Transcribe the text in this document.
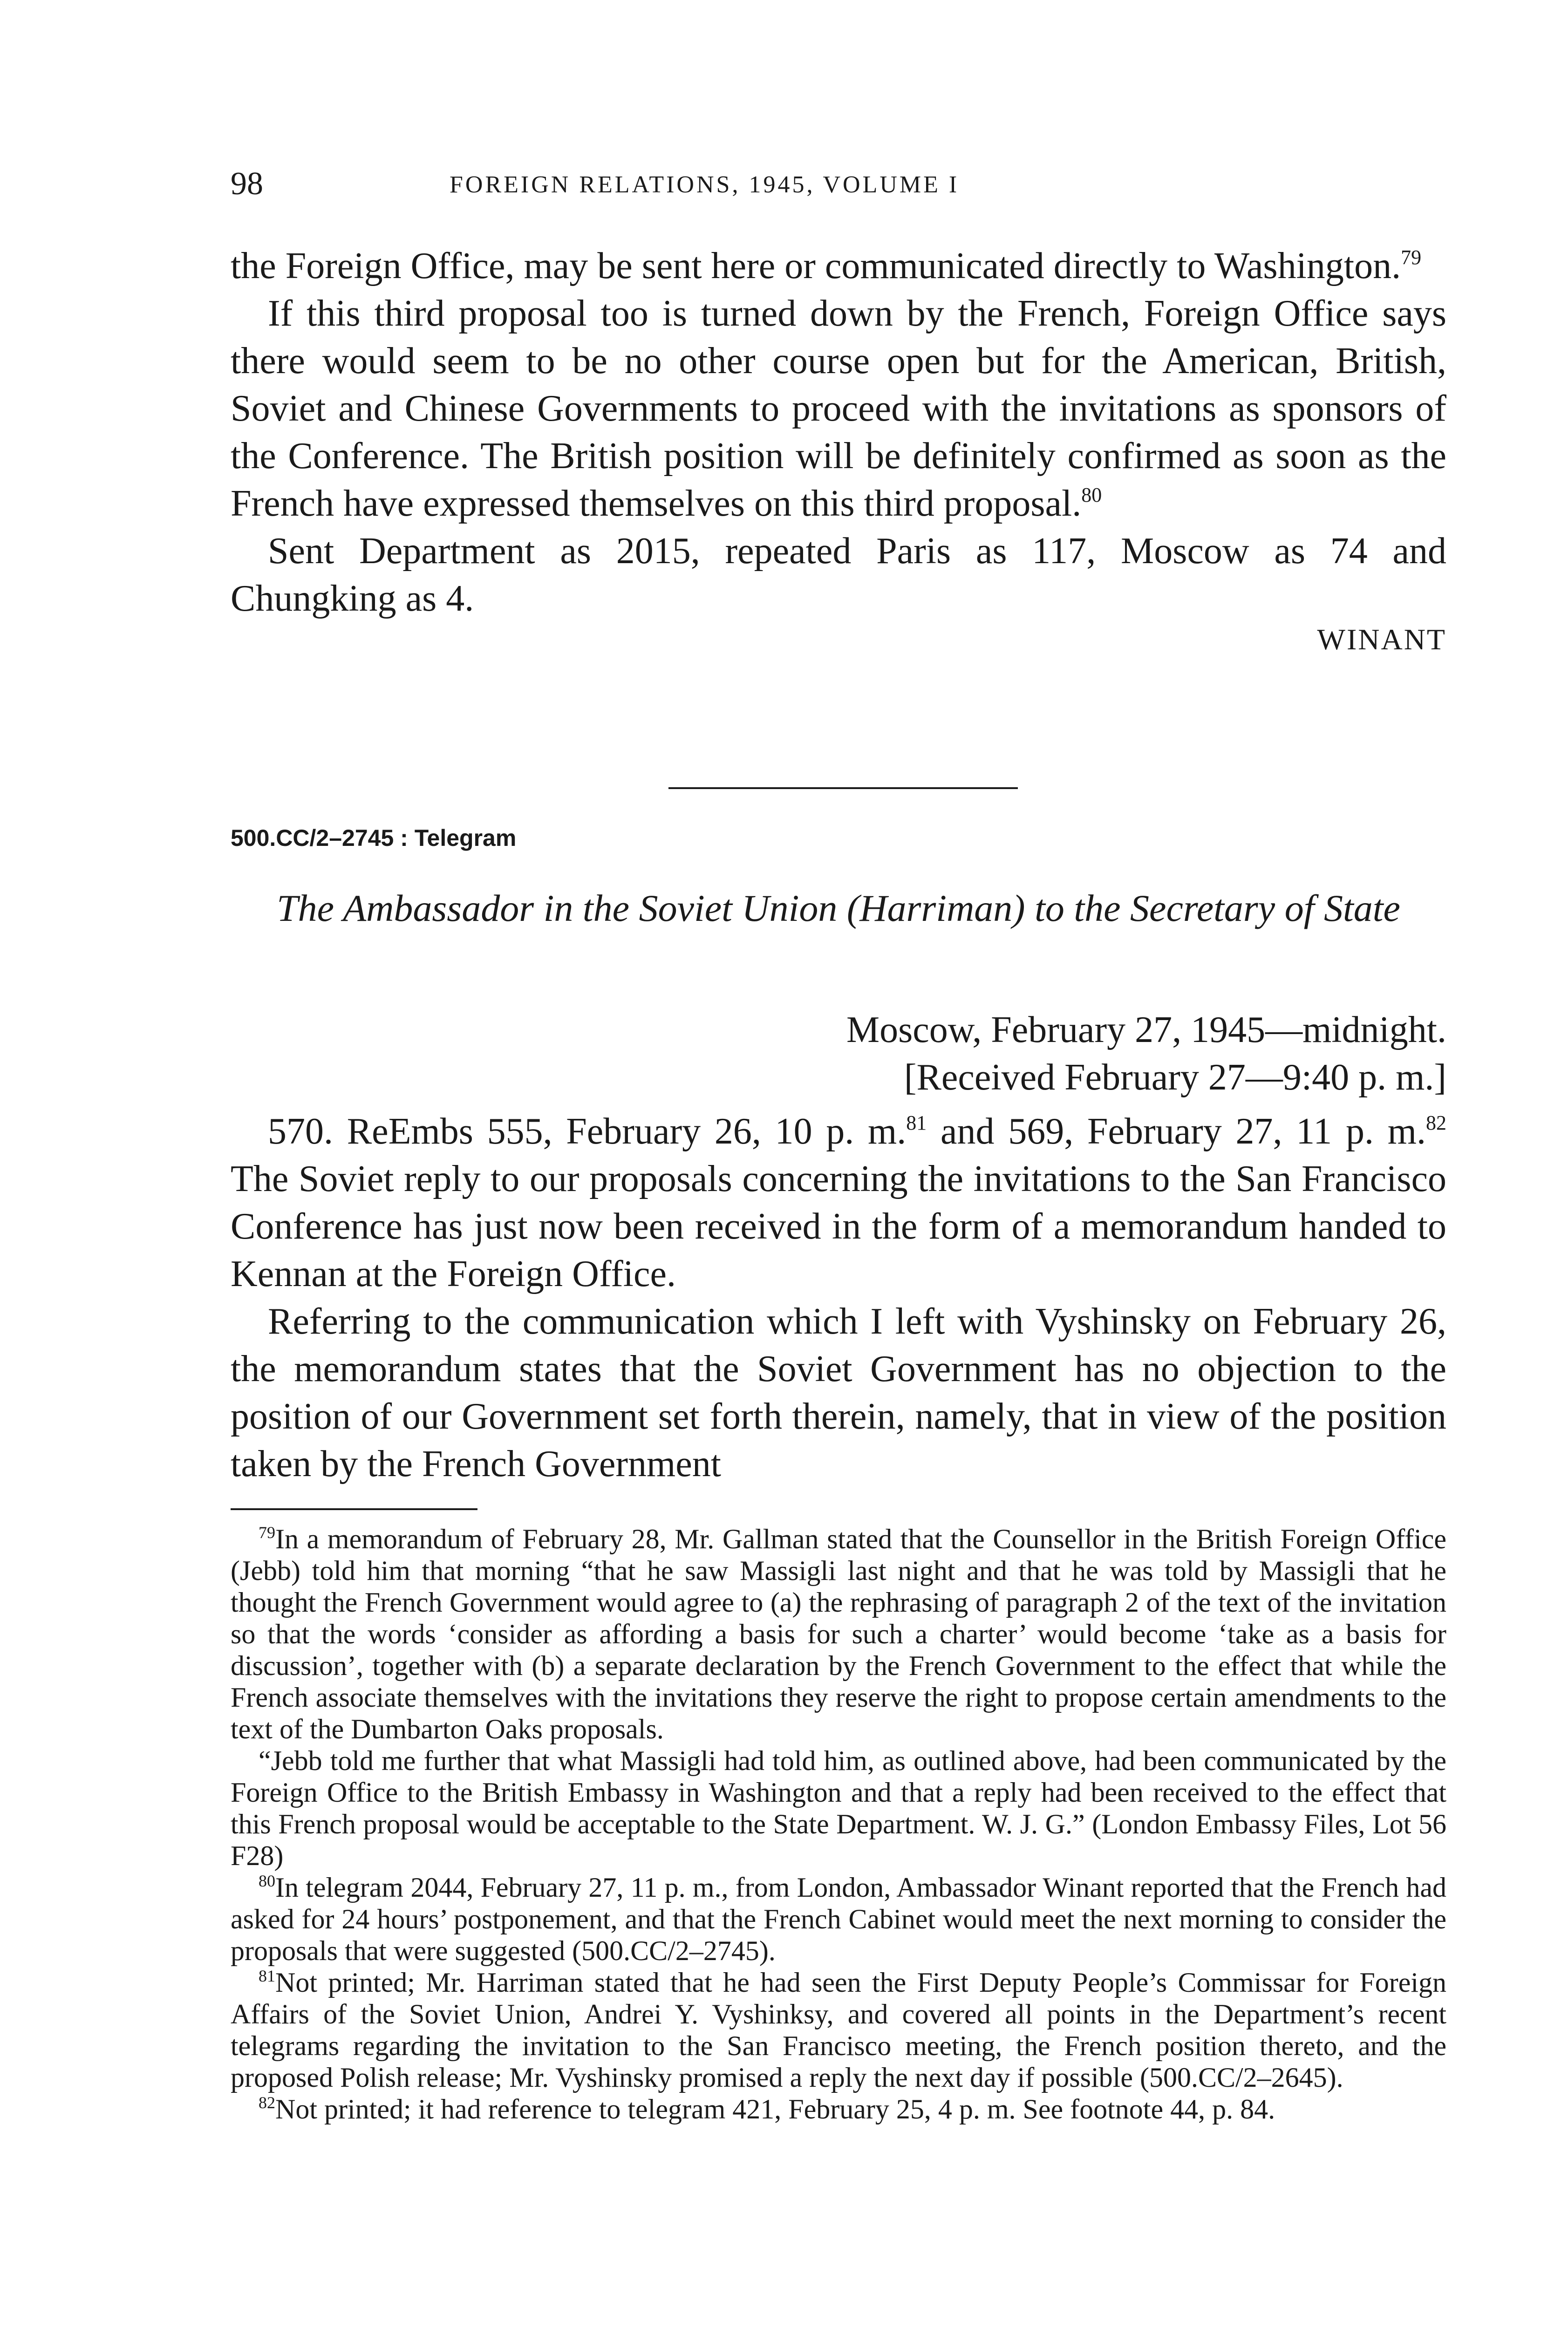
98	FOREIGN RELATIONS, 1945, VOLUME I

the Foreign Office, may be sent here or communicated directly to Washington.$^{79}$

If this third proposal too is turned down by the French, Foreign Office says there would seem to be no other course open but for the American, British, Soviet and Chinese Governments to proceed with the invitations as sponsors of the Conference. The British position will be definitely confirmed as soon as the French have expressed themselves on this third proposal.$^{80}$

Sent Department as 2015, repeated Paris as 117, Moscow as 74 and Chungking as 4.

WINANT

500.CC/2–2745 : Telegram

The Ambassador in the Soviet Union (Harriman) to the Secretary of State

Moscow, February 27, 1945—midnight.
[Received February 27—9:40 p. m.]

570. ReEmbs 555, February 26, 10 p. m.$^{81}$ and 569, February 27, 11 p. m.$^{82}$ The Soviet reply to our proposals concerning the invitations to the San Francisco Conference has just now been received in the form of a memorandum handed to Kennan at the Foreign Office.

Referring to the communication which I left with Vyshinsky on February 26, the memorandum states that the Soviet Government has no objection to the position of our Government set forth therein, namely, that in view of the position taken by the French Government

$^{79}$In a memorandum of February 28, Mr. Gallman stated that the Counsellor in the British Foreign Office (Jebb) told him that morning “that he saw Massigli last night and that he was told by Massigli that he thought the French Government would agree to (a) the rephrasing of paragraph 2 of the text of the invitation so that the words ‘consider as affording a basis for such a charter’ would become ‘take as a basis for discussion’, together with (b) a separate declaration by the French Government to the effect that while the French associate themselves with the invitations they reserve the right to propose certain amendments to the text of the Dumbarton Oaks proposals.

“Jebb told me further that what Massigli had told him, as outlined above, had been communicated by the Foreign Office to the British Embassy in Washington and that a reply had been received to the effect that this French proposal would be acceptable to the State Department. W. J. G.” (London Embassy Files, Lot 56 F28)

$^{80}$In telegram 2044, February 27, 11 p. m., from London, Ambassador Winant reported that the French had asked for 24 hours’ postponement, and that the French Cabinet would meet the next morning to consider the proposals that were suggested (500.CC/2–2745).

$^{81}$Not printed; Mr. Harriman stated that he had seen the First Deputy People’s Commissar for Foreign Affairs of the Soviet Union, Andrei Y. Vyshinksy, and covered all points in the Department’s recent telegrams regarding the invitation to the San Francisco meeting, the French position thereto, and the proposed Polish release; Mr. Vyshinsky promised a reply the next day if possible (500.CC/2–2645).

$^{82}$Not printed; it had reference to telegram 421, February 25, 4 p. m. See footnote 44, p. 84.
